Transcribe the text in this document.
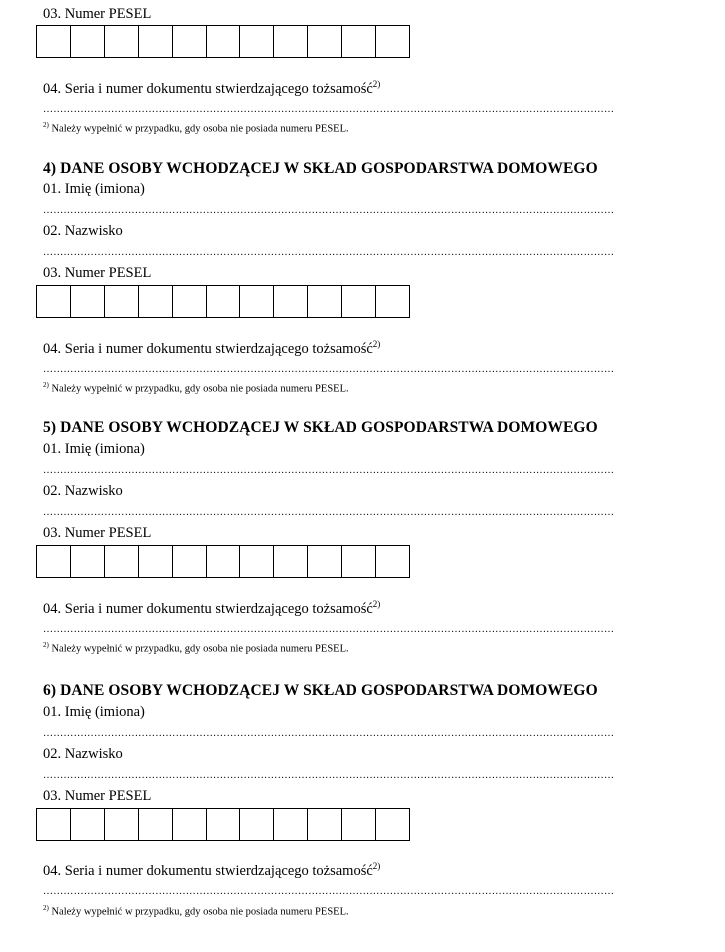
03. Numer PESEL
04. Seria i numer dokumentu stwierdzającego tożsamość$^{2)}$
……………………………………………………………………………………………………………………………………………………
$^{2)}$ Należy wypełnić w przypadku, gdy osoba nie posiada numeru PESEL.
4) DANE OSOBY WCHODZĄCEJ W SKŁAD GOSPODARSTWA DOMOWEGO
01. Imię (imiona)
……………………………………………………………………………………………………………………………………………………
02. Nazwisko
……………………………………………………………………………………………………………………………………………………
03. Numer PESEL
04. Seria i numer dokumentu stwierdzającego tożsamość$^{2)}$
……………………………………………………………………………………………………………………………………………………
$^{2)}$ Należy wypełnić w przypadku, gdy osoba nie posiada numeru PESEL.
5) DANE OSOBY WCHODZĄCEJ W SKŁAD GOSPODARSTWA DOMOWEGO
01. Imię (imiona)
……………………………………………………………………………………………………………………………………………………
02. Nazwisko
……………………………………………………………………………………………………………………………………………………
03. Numer PESEL
04. Seria i numer dokumentu stwierdzającego tożsamość$^{2)}$
……………………………………………………………………………………………………………………………………………………
$^{2)}$ Należy wypełnić w przypadku, gdy osoba nie posiada numeru PESEL.
6) DANE OSOBY WCHODZĄCEJ W SKŁAD GOSPODARSTWA DOMOWEGO
01. Imię (imiona)
……………………………………………………………………………………………………………………………………………………
02. Nazwisko
……………………………………………………………………………………………………………………………………………………
03. Numer PESEL
04. Seria i numer dokumentu stwierdzającego tożsamość$^{2)}$
……………………………………………………………………………………………………………………………………………………
$^{2)}$ Należy wypełnić w przypadku, gdy osoba nie posiada numeru PESEL.
